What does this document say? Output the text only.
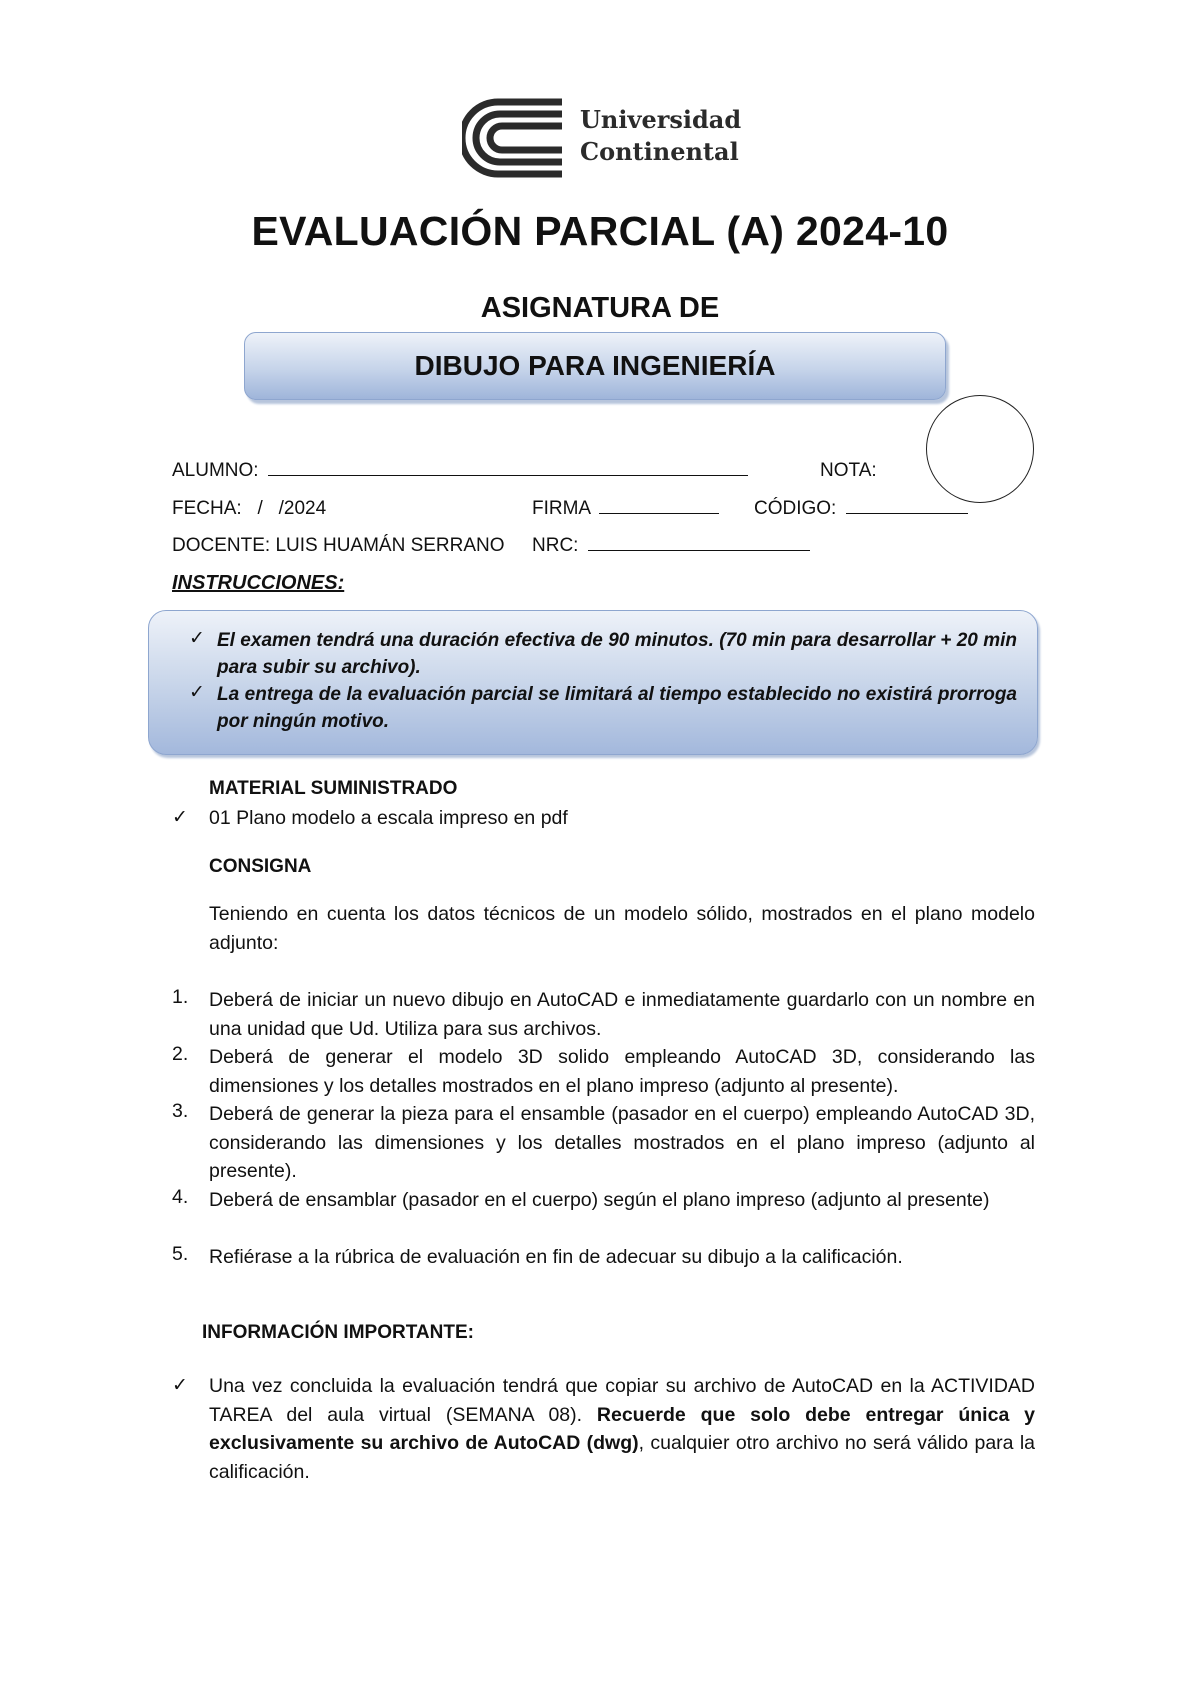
Universidad
Continental
EVALUACIÓN PARCIAL (A) 2024-10
ASIGNATURA DE
DIBUJO PARA INGENIERÍA
ALUMNO:	NOTA:
FECHA:   /   /2024	FIRMA	CÓDIGO:
DOCENTE: LUIS HUAMÁN SERRANO NRC:
INSTRUCCIONES:
✓ El examen tendrá una duración efectiva de 90 minutos. (70 min para desarrollar + 20 min para subir su archivo).
✓ La entrega de la evaluación parcial se limitará al tiempo establecido no existirá prorroga por ningún motivo.
MATERIAL SUMINISTRADO
✓ 01 Plano modelo a escala impreso en pdf
CONSIGNA
Teniendo en cuenta los datos técnicos de un modelo sólido, mostrados en el plano modelo adjunto:
1. Deberá de iniciar un nuevo dibujo en AutoCAD e inmediatamente guardarlo con un nombre en una unidad que Ud. Utiliza para sus archivos.
2. Deberá de generar el modelo 3D solido empleando AutoCAD 3D, considerando las dimensiones y los detalles mostrados en el plano impreso (adjunto al presente).
3. Deberá de generar la pieza para el ensamble (pasador en el cuerpo) empleando AutoCAD 3D, considerando las dimensiones y los detalles mostrados en el plano impreso (adjunto al presente).
4. Deberá de ensamblar (pasador en el cuerpo) según el plano impreso (adjunto al presente)
5. Refiérase a la rúbrica de evaluación en fin de adecuar su dibujo a la calificación.
INFORMACIÓN IMPORTANTE:
✓ Una vez concluida la evaluación tendrá que copiar su archivo de AutoCAD en la ACTIVIDAD TAREA del aula virtual (SEMANA 08). Recuerde que solo debe entregar única y exclusivamente su archivo de AutoCAD (dwg), cualquier otro archivo no será válido para la calificación.
